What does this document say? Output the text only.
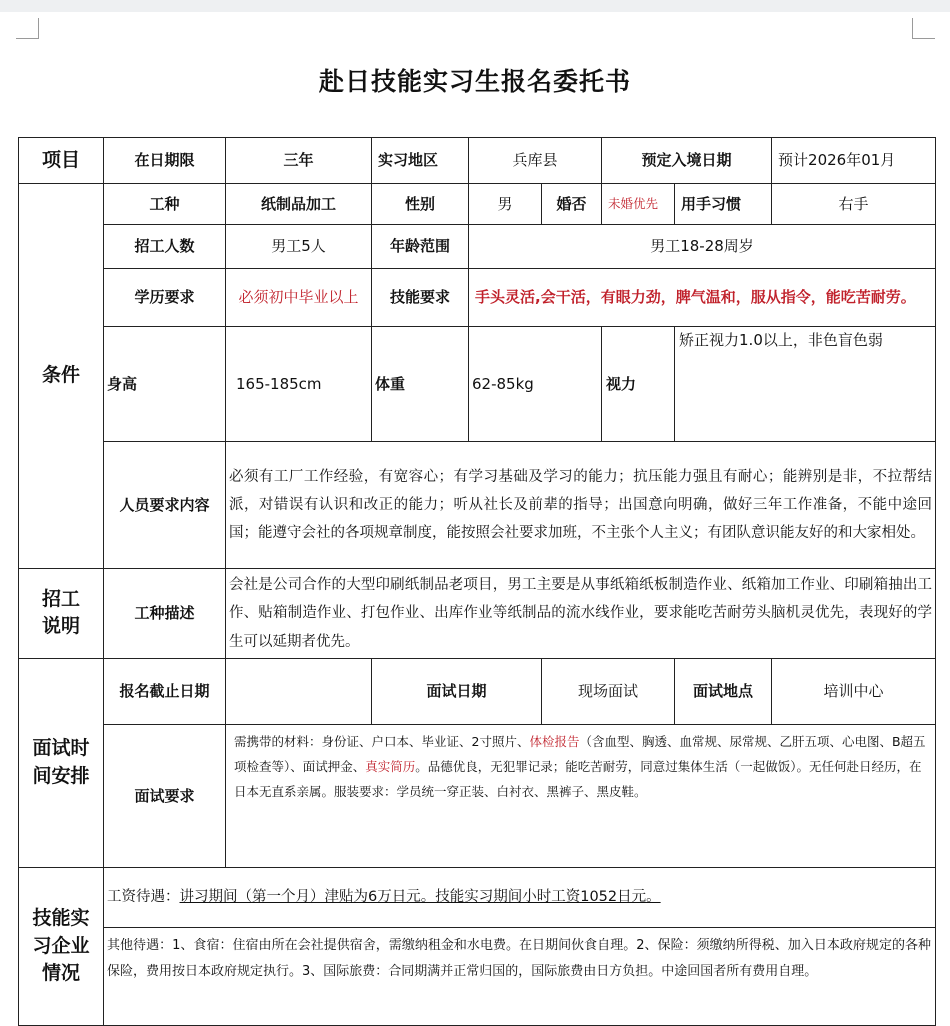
赴日技能实习生报名委托书
项目	在日期限	三年	实习地区	兵库县		预定入境日期		预计2026年01月
条件	工种	纸制品加工	性别	男	婚否	未婚优先	用手习惯	右手
	招工人数	男工5人	年龄范围	男工18-28周岁				
	学历要求	必须初中毕业以上	技能要求	手头灵活,会干活，有眼力劲，脾气温和，服从指令，能吃苦耐劳。				
	身高	165-185cm	体重	62-85kg		视力	矫正视力1.0以上，非色盲色弱	
	人员要求内容	必须有工厂工作经验，有宽容心；有学习基础及学习的能力；抗压能力强且有耐心；能辨别是非，不拉帮结派，对错误有认识和改正的能力；听从社长及前辈的指导；出国意向明确，做好三年工作准备，不能中途回国；能遵守会社的各项规章制度，能按照会社要求加班，不主张个人主义；有团队意识能友好的和大家相处。						

招工说明	工种描述	会社是公司合作的大型印刷纸制品老项目，男工主要是从事纸箱纸板制造作业、纸箱加工作业、印刷箱抽出工作、贴箱制造作业、打包作业、出库作业等纸制品的流水线作业，要求能吃苦耐劳头脑机灵优先，表现好的学生可以延期者优先。						

面试时间安排	报名截止日期		面试日期		现场面试		面试地点	培训中心
	面试要求	需携带的材料：身份证、户口本、毕业证、2寸照片、体检报告（含血型、胸透、血常规、尿常规、乙肝五项、心电图、B超五项检查等）、面试押金、真实简历。品德优良，无犯罪记录；能吃苦耐劳，同意过集体生活（一起做饭）。无任何赴日经历，在日本无直系亲属。服装要求：学员统一穿正装、白衬衣、黑裤子、黑皮鞋。						

技能实习企业情况	工资待遇：讲习期间（第一个月）津贴为6万日元。技能实习期间小时工资1052日元。							
	其他待遇：1、食宿：住宿由所在会社提供宿舍，需缴纳租金和水电费。在日期间伙食自理。2、保险：须缴纳所得税、加入日本政府规定的各种保险，费用按日本政府规定执行。3、国际旅费：合同期满并正常归国的，国际旅费由日方负担。中途回国者所有费用自理。							
